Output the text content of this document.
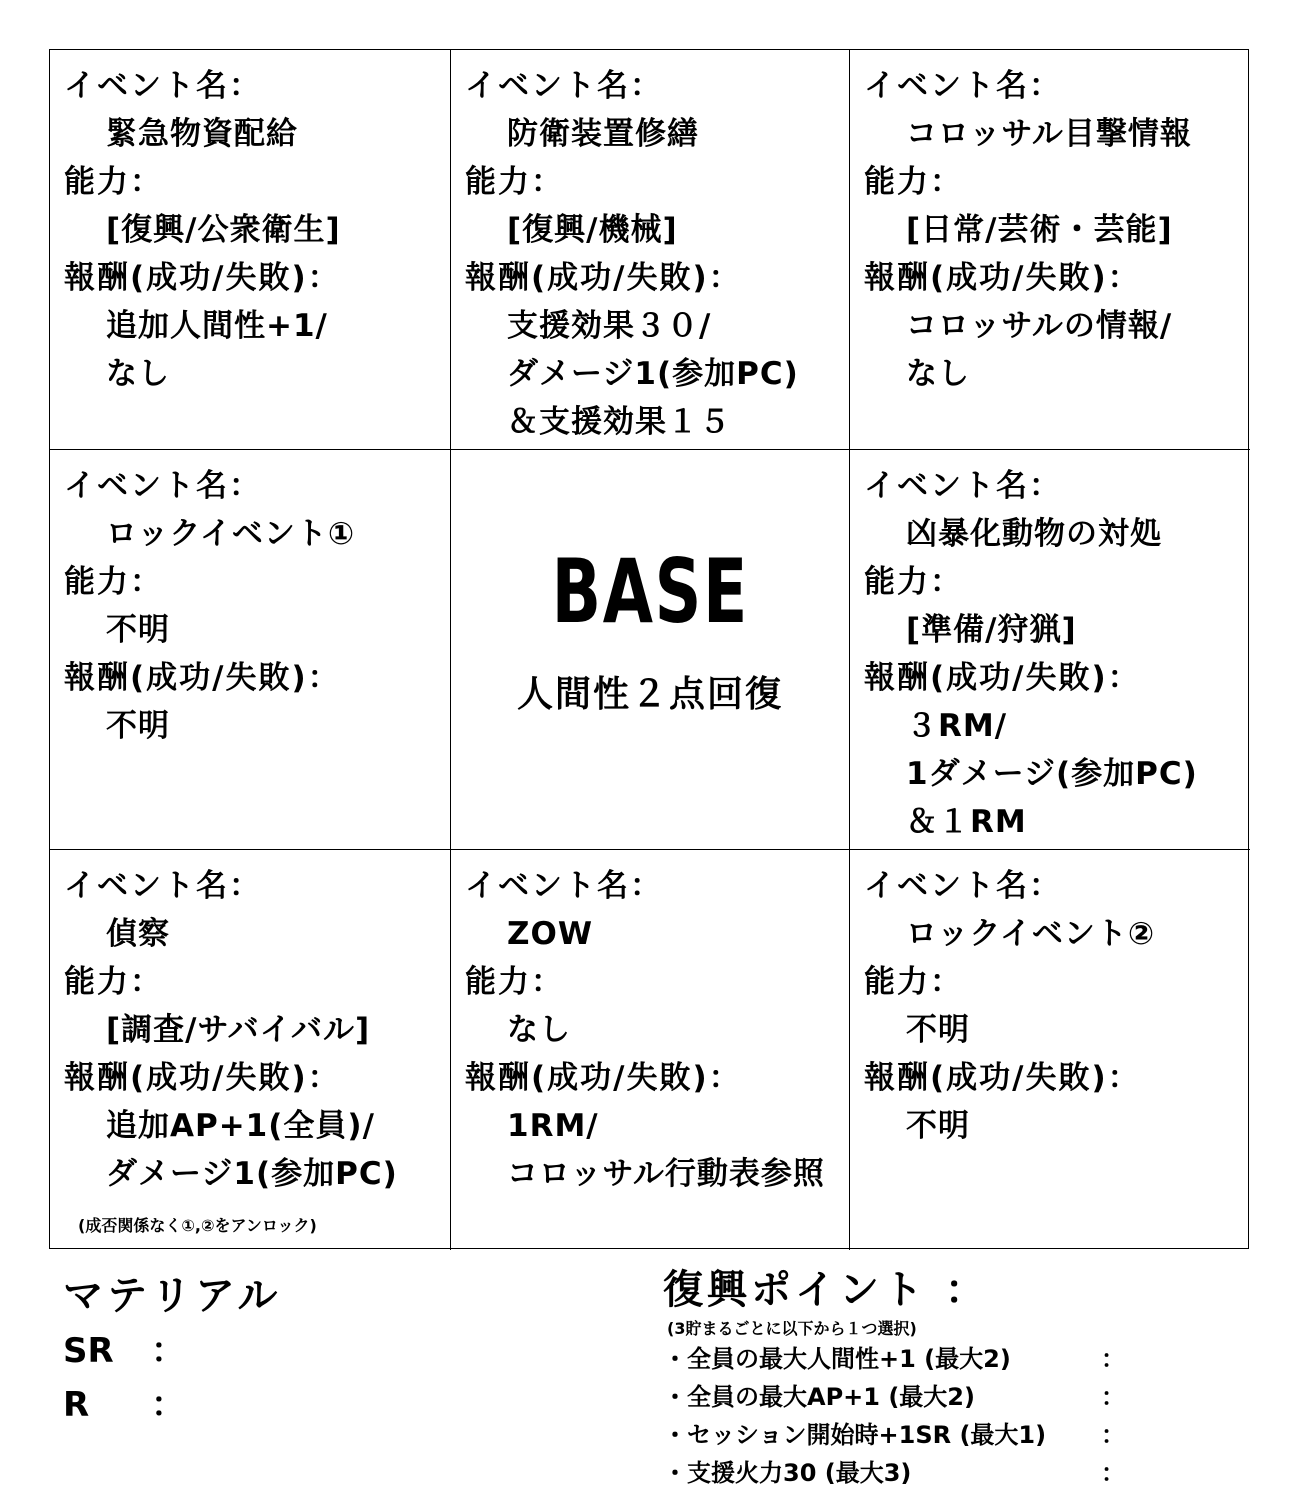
イベント名：
緊急物資配給
能力：
[復興/公衆衛生]
報酬(成功/失敗)：
追加人間性+1/
なし
イベント名：
防衛装置修繕
能力：
[復興/機械]
報酬(成功/失敗)：
支援効果３０/
ダメージ1(参加PC)
＆支援効果１５
イベント名：
コロッサル目撃情報
能力：
[日常/芸術・芸能]
報酬(成功/失敗)：
コロッサルの情報/
なし
イベント名：
ロックイベント①
能力：
不明
報酬(成功/失敗)：
不明
BASE
人間性２点回復
イベント名：
凶暴化動物の対処
能力：
[準備/狩猟]
報酬(成功/失敗)：
３RM/
1ダメージ(参加PC)
＆１RM
イベント名：
偵察
能力：
[調査/サバイバル]
報酬(成功/失敗)：
追加AP+1(全員)/
ダメージ1(参加PC)
(成否関係なく①,②をアンロック)
イベント名：
ZOW
能力：
なし
報酬(成功/失敗)：
1RM/
コロッサル行動表参照
イベント名：
ロックイベント②
能力：
不明
報酬(成功/失敗)：
不明
マテリアル
SR	：
R	：
復興ポイント ：
(3貯まるごとに以下から１つ選択)
・全員の最大人間性+1 (最大2)	：
・全員の最大AP+1 (最大2)	：
・セッション開始時+1SR (最大1) ：
・支援火力30 (最大3)	：
